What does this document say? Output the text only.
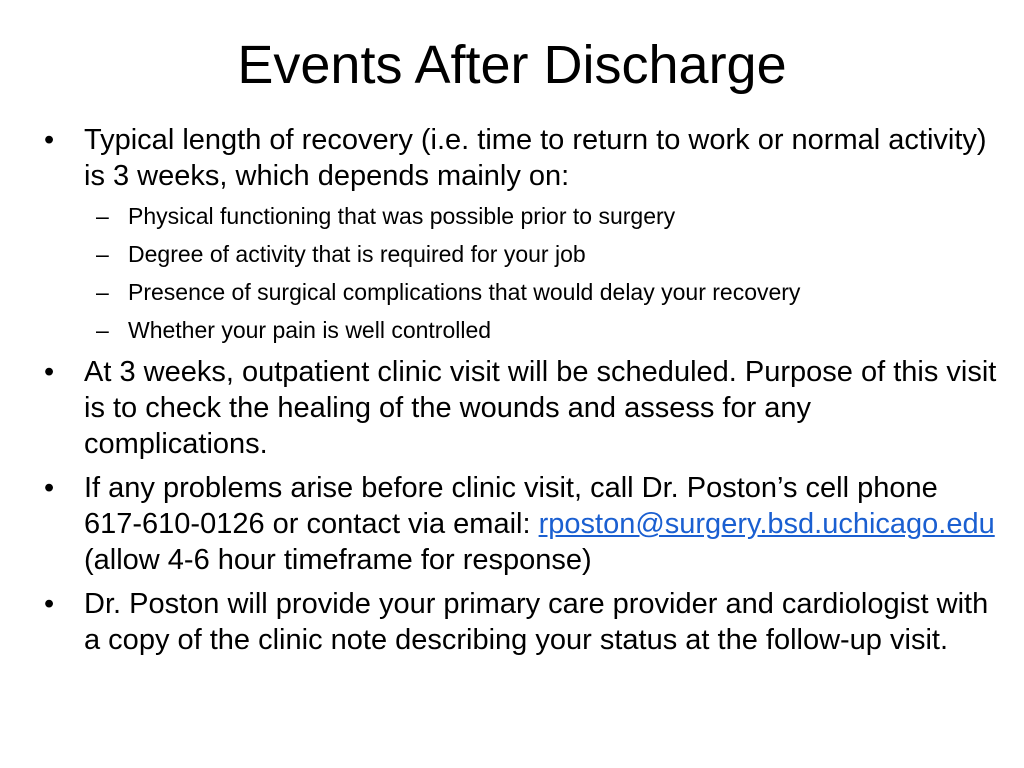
Events After Discharge
• Typical length of recovery (i.e. time to return to work or normal activity) is 3 weeks, which depends mainly on:
– Physical functioning that was possible prior to surgery
– Degree of activity that is required for your job
– Presence of surgical complications that would delay your recovery
– Whether your pain is well controlled
• At 3 weeks, outpatient clinic visit will be scheduled. Purpose of this visit is to check the healing of the wounds and assess for any complications.
• If any problems arise before clinic visit, call Dr. Poston’s cell phone 617-610-0126 or contact via email: rposton@surgery.bsd.uchicago.edu (allow 4-6 hour timeframe for response)
• Dr. Poston will provide your primary care provider and cardiologist with a copy of the clinic note describing your status at the follow-up visit.
